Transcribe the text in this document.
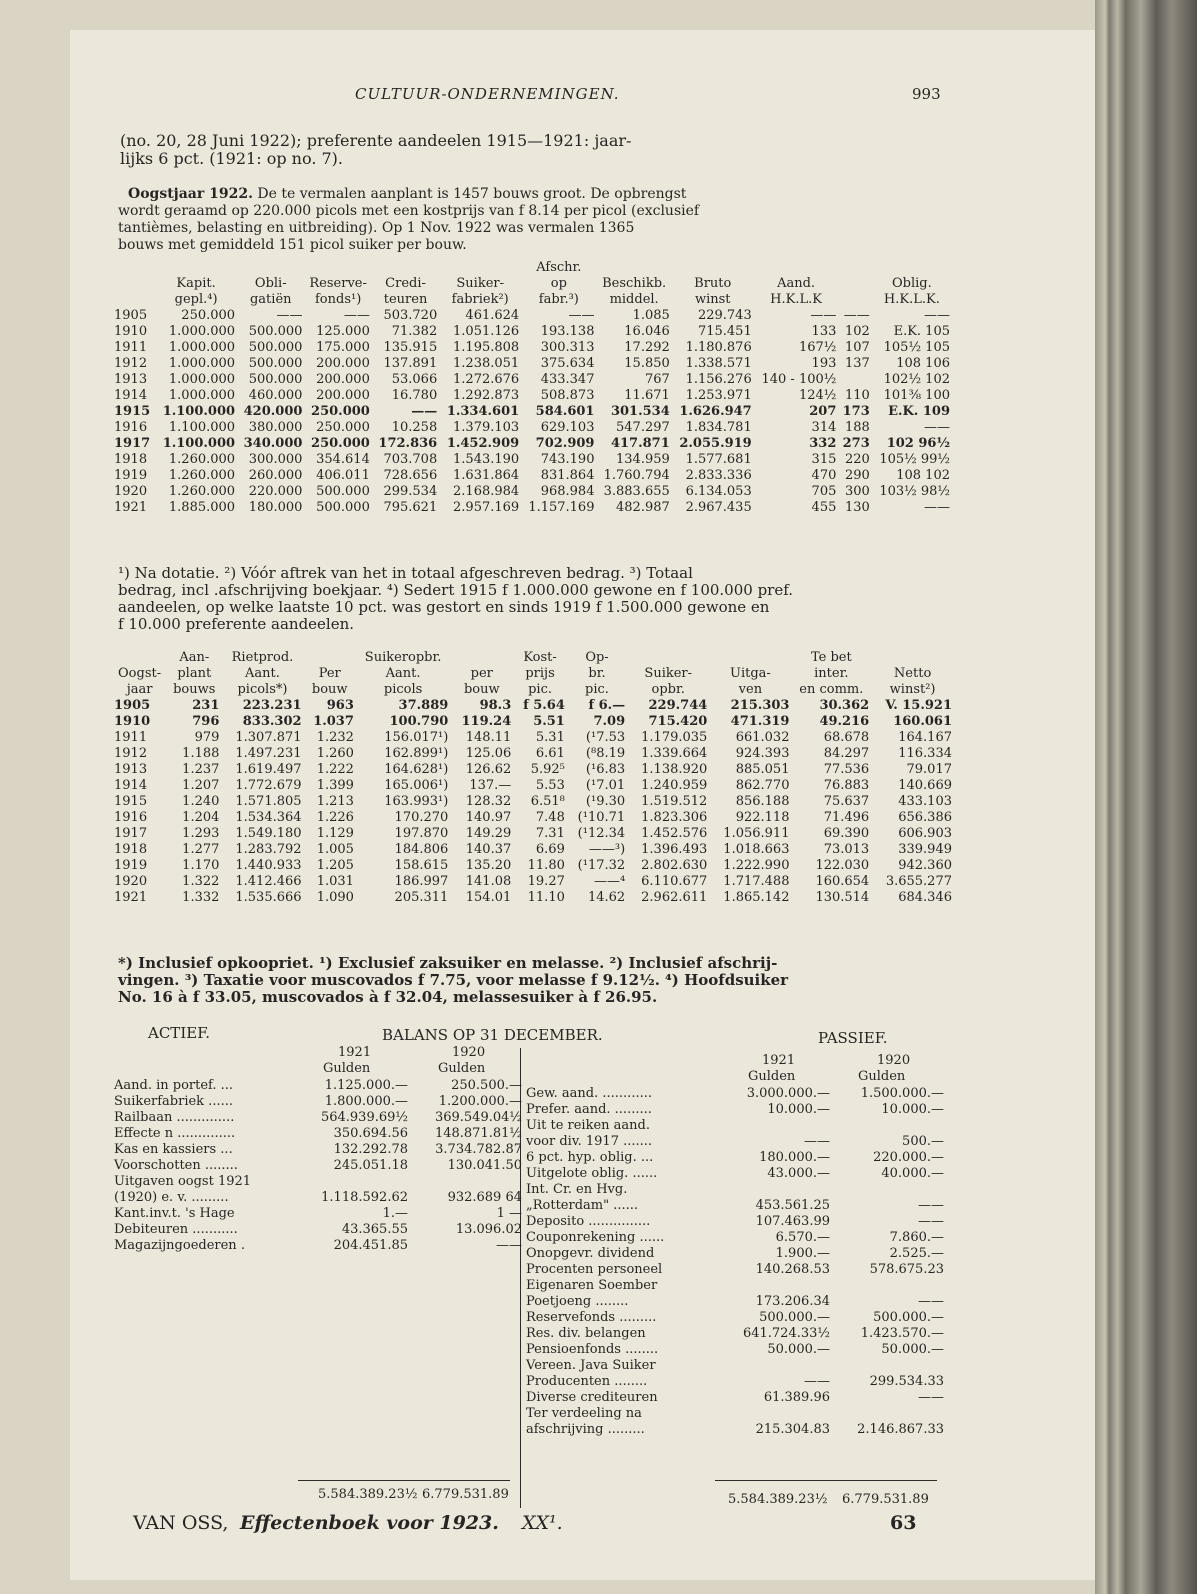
CULTUUR-ONDERNEMINGEN.	993
(no. 20, 28 Juni 1922); preferente aandeelen 1915—1921: jaar-
lijks 6 pct. (1921: op no. 7).
Oogstjaar 1922. De te vermalen aanplant is 1457 bouws groot. De opbrengst
wordt geraamd op 220.000 picols met een kostprijs van f 8.14 per picol (exclusief
tantièmes, belasting en uitbreiding). Op 1 Nov. 1922 was vermalen 1365
bouws met gemiddeld 151 picol suiker per bouw.
						Afschr.					
	Kapit.	Obli-	Reserve-	Credi-	Suiker-	op	Beschikb.	Bruto	Aand.		Oblig.
	gepl.⁴)	gatiën	fonds¹)	teuren	fabriek²)	fabr.³)	middel.	winst	H.K.L.K		H.K.L.K.
1905	250.000	——	——	503.720	461.624	——	1.085	229.743	——	——	——
1910	1.000.000	500.000	125.000	71.382	1.051.126	193.138	16.046	715.451	133	102	E.K. 105
1911	1.000.000	500.000	175.000	135.915	1.195.808	300.313	17.292	1.180.876	167½	107	105½ 105
1912	1.000.000	500.000	200.000	137.891	1.238.051	375.634	15.850	1.338.571	193	137	108 106
1913	1.000.000	500.000	200.000	53.066	1.272.676	433.347	767	1.156.276	140 - 100½		102½ 102
1914	1.000.000	460.000	200.000	16.780	1.292.873	508.873	11.671	1.253.971	124½	110	101⅜ 100
1915	1.100.000	420.000	250.000	——	1.334.601	584.601	301.534	1.626.947	207	173	E.K. 109
1916	1.100.000	380.000	250.000	10.258	1.379.103	629.103	547.297	1.834.781	314	188	——
1917	1.100.000	340.000	250.000	172.836	1.452.909	702.909	417.871	2.055.919	332	273	102 96½
1918	1.260.000	300.000	354.614	703.708	1.543.190	743.190	134.959	1.577.681	315	220	105½ 99½
1919	1.260.000	260.000	406.011	728.656	1.631.864	831.864	1.760.794	2.833.336	470	290	108 102
1920	1.260.000	220.000	500.000	299.534	2.168.984	968.984	3.883.655	6.134.053	705	300	103½ 98½
1921	1.885.000	180.000	500.000	795.621	2.957.169	1.157.169	482.987	2.967.435	455	130	——
¹) Na dotatie. ²) Vóór aftrek van het in totaal afgeschreven bedrag. ³) Totaal
bedrag, incl .afschrijving boekjaar. ⁴) Sedert 1915 f 1.000.000 gewone en f 100.000 pref.
aandeelen, op welke laatste 10 pct. was gestort en sinds 1919 f 1.500.000 gewone en
f 10.000 preferente aandeelen.
	Aan-	Rietprod.		Suikeropbr.		Kost-	Op-			Te bet	
Oogst-	plant	Aant.	Per	Aant.	per	prijs	br.	Suiker-	Uitga-	inter.	Netto
jaar	bouws	picols*)	bouw	picols	bouw	pic.	pic.	opbr.	ven	en comm.	winst²)
1905	231	223.231	963	37.889	98.3	f 5.64	f 6.—	229.744	215.303	30.362	V. 15.921
1910	796	833.302	1.037	100.790	119.24	5.51	7.09	715.420	471.319	49.216	160.061
1911	979	1.307.871	1.232	156.017¹)	148.11	5.31	(¹7.53	1.179.035	661.032	68.678	164.167
1912	1.188	1.497.231	1.260	162.899¹)	125.06	6.61	(⁸8.19	1.339.664	924.393	84.297	116.334
1913	1.237	1.619.497	1.222	164.628¹)	126.62	5.92⁵	(¹6.83	1.138.920	885.051	77.536	79.017
1914	1.207	1.772.679	1.399	165.006¹)	137.—	5.53	(¹7.01	1.240.959	862.770	76.883	140.669
1915	1.240	1.571.805	1.213	163.993¹)	128.32	6.51⁸	(¹9.30	1.519.512	856.188	75.637	433.103
1916	1.204	1.534.364	1.226	170.270	140.97	7.48	(¹10.71	1.823.306	922.118	71.496	656.386
1917	1.293	1.549.180	1.129	197.870	149.29	7.31	(¹12.34	1.452.576	1.056.911	69.390	606.903
1918	1.277	1.283.792	1.005	184.806	140.37	6.69	——³)	1.396.493	1.018.663	73.013	339.949
1919	1.170	1.440.933	1.205	158.615	135.20	11.80	(¹17.32	2.802.630	1.222.990	122.030	942.360
1920	1.322	1.412.466	1.031	186.997	141.08	19.27	——⁴	6.110.677	1.717.488	160.654	3.655.277
1921	1.332	1.535.666	1.090	205.311	154.01	11.10	14.62	2.962.611	1.865.142	130.514	684.346
*) Inclusief opkoopriet. ¹) Exclusief zaksuiker en melasse. ²) Inclusief afschrij-
vingen. ³) Taxatie voor muscovados f 7.75, voor melasse f 9.12½. ⁴) Hoofdsuiker
No. 16 à f 33.05, muscovados à f 32.04, melassesuiker à f 26.95.
ACTIEF.	BALANS OP 31 DECEMBER.	PASSIEF.
1921	1920
Gulden	Gulden
1921	1920
Gulden	Gulden
Aand. in portef. ...	1.125.000.—	250.500.—
Suikerfabriek ......	1.800.000.—	1.200.000.—
Railbaan ..............	564.939.69½	369.549.04½
Effecte n ..............	350.694.56	148.871.81½
Kas en kassiers ...	132.292.78	3.734.782.87
Voorschotten ........	245.051.18	130.041.50
Uitgaven oogst 1921		
(1920) e. v. .........	1.118.592.62	932.689 64
Kant.inv.t. 's Hage	1.—	1 —
Debiteuren ...........	43.365.55	13.096.02
Magazijngoederen .	204.451.85	——
Gew. aand. ............	3.000.000.—	1.500.000.—
Prefer. aand. .........	10.000.—	10.000.—
Uit te reiken aand.		
voor div. 1917 .......	——	500.—
6 pct. hyp. oblig. ...	180.000.—	220.000.—
Uitgelote oblig. ......	43.000.—	40.000.—
Int. Cr. en Hvg.		
„Rotterdam" ......	453.561.25	——
Deposito ...............	107.463.99	——
Couponrekening ......	6.570.—	7.860.—
Onopgevr. dividend	1.900.—	2.525.—
Procenten personeel	140.268.53	578.675.23
Eigenaren Soember		
Poetjoeng ........	173.206.34	——
Reservefonds .........	500.000.—	500.000.—
Res. div. belangen	641.724.33½	1.423.570.—
Pensioenfonds ........	50.000.—	50.000.—
Vereen. Java Suiker		
Producenten ........	——	299.534.33
Diverse crediteuren	61.389.96	——
Ter verdeeling na		
afschrijving .........	215.304.83	2.146.867.33
5.584.389.23½ 6.779.531.89	5.584.389.23½ 6.779.531.89
VAN OSS, Effectenboek voor 1923. XX¹.	63
